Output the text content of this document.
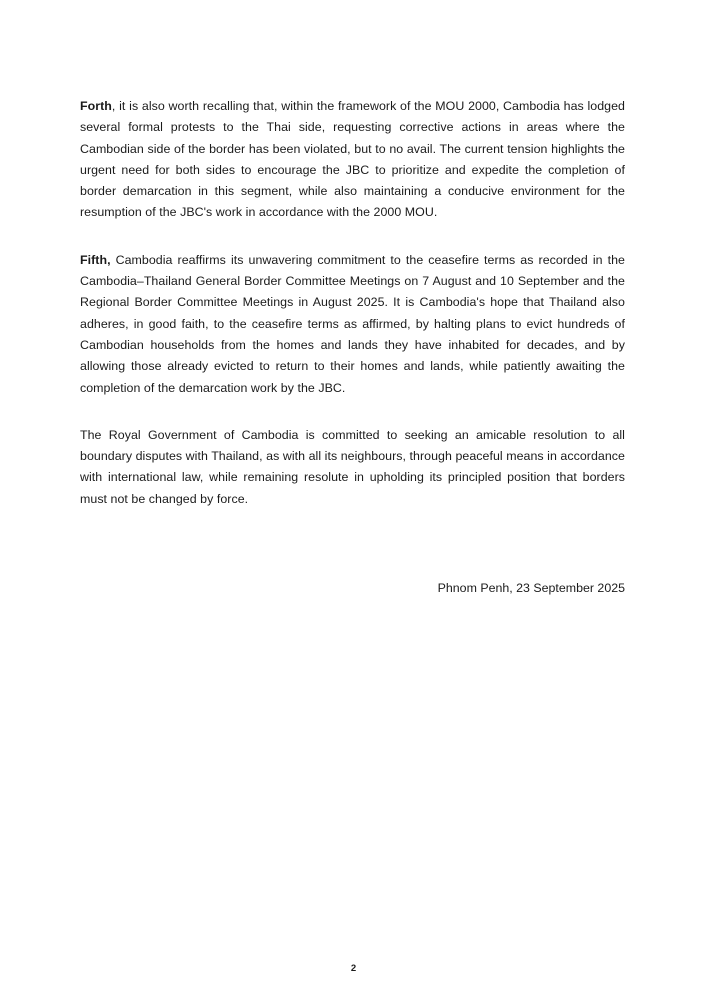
Forth, it is also worth recalling that, within the framework of the MOU 2000, Cambodia has lodged several formal protests to the Thai side, requesting corrective actions in areas where the Cambodian side of the border has been violated, but to no avail. The current tension highlights the urgent need for both sides to encourage the JBC to prioritize and expedite the completion of border demarcation in this segment, while also maintaining a conducive environment for the resumption of the JBC's work in accordance with the 2000 MOU.

Fifth, Cambodia reaffirms its unwavering commitment to the ceasefire terms as recorded in the Cambodia–Thailand General Border Committee Meetings on 7 August and 10 September and the Regional Border Committee Meetings in August 2025. It is Cambodia's hope that Thailand also adheres, in good faith, to the ceasefire terms as affirmed, by halting plans to evict hundreds of Cambodian households from the homes and lands they have inhabited for decades, and by allowing those already evicted to return to their homes and lands, while patiently awaiting the completion of the demarcation work by the JBC.

The Royal Government of Cambodia is committed to seeking an amicable resolution to all boundary disputes with Thailand, as with all its neighbours, through peaceful means in accordance with international law, while remaining resolute in upholding its principled position that borders must not be changed by force.

Phnom Penh, 23 September 2025
2
